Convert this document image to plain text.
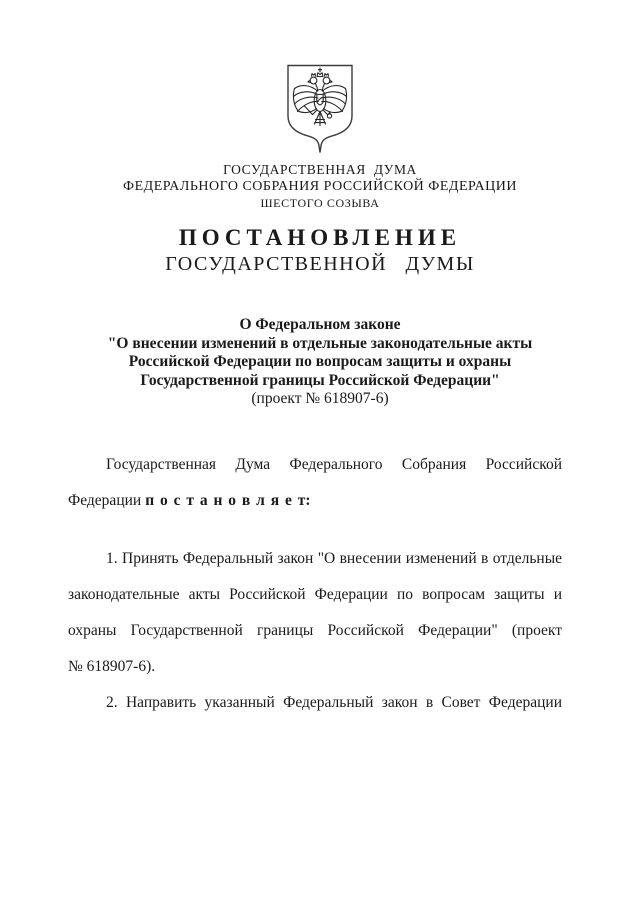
ГОСУДАРСТВЕННАЯ ДУМА
ФЕДЕРАЛЬНОГО СОБРАНИЯ РОССИЙСКОЙ ФЕДЕРАЦИИ
ШЕСТОГО СОЗЫВА
ПОСТАНОВЛЕНИЕ
ГОСУДАРСТВЕННОЙ ДУМЫ
О Федеральном законе
"О внесении изменений в отдельные законодательные акты
Российской Федерации по вопросам защиты и охраны
Государственной границы Российской Федерации"
(проект № 618907-6)
Государственная Дума Федерального Собрания Российской
Федерации п о с т а н о в л я е т:
1. Принять Федеральный закон "О внесении изменений в отдельные
законодательные акты Российской Федерации по вопросам защиты и
охраны Государственной границы Российской Федерации" (проект
№ 618907-6).
2. Направить указанный Федеральный закон в Совет Федерации
